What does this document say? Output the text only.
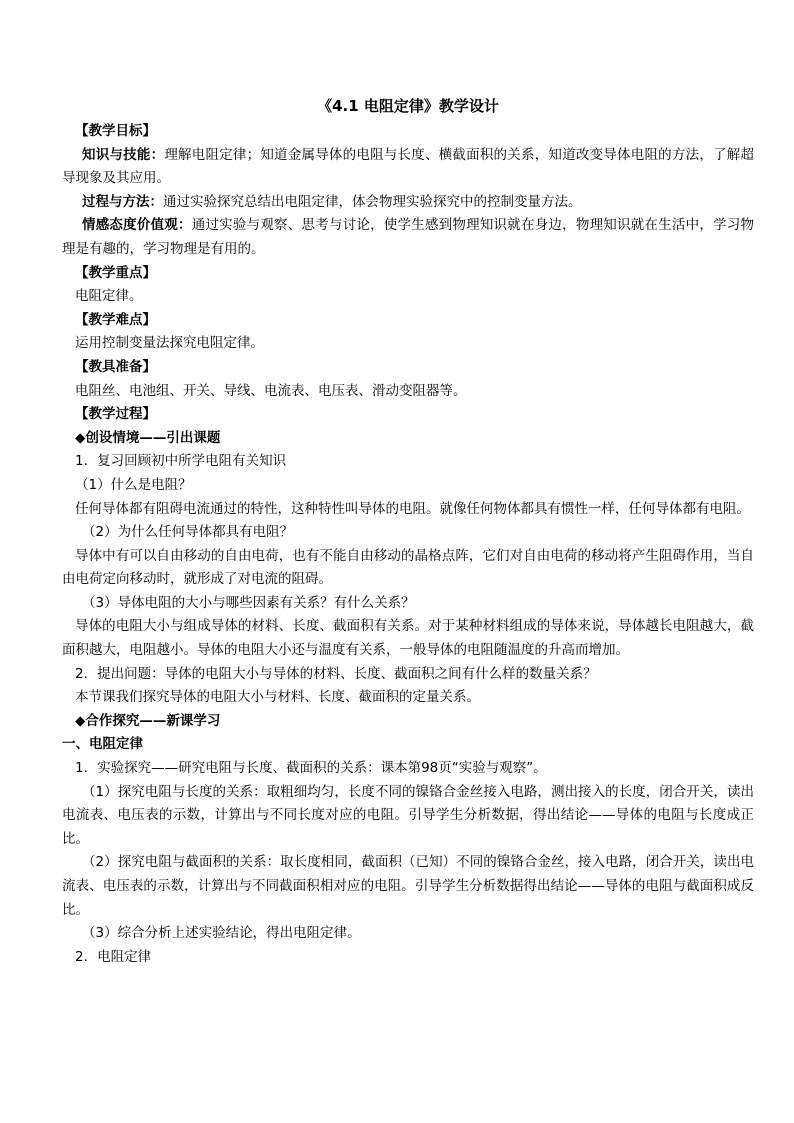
《4.1 电阻定律》教学设计

【教学目标】

知识与技能：理解电阻定律；知道金属导体的电阻与长度、横截面积的关系，知道改变导体电阻的方法，了解超导现象及其应用。

过程与方法：通过实验探究总结出电阻定律，体会物理实验探究中的控制变量方法。

情感态度价值观：通过实验与观察、思考与讨论，使学生感到物理知识就在身边，物理知识就在生活中，学习物理是有趣的，学习物理是有用的。

【教学重点】

电阻定律。

【教学难点】

运用控制变量法探究电阻定律。

【教具准备】

电阻丝、电池组、开关、导线、电流表、电压表、滑动变阻器等。

【教学过程】

◆创设情境——引出课题

1．复习回顾初中所学电阻有关知识

（1）什么是电阻？

任何导体都有阻碍电流通过的特性，这种特性叫导体的电阻。就像任何物体都具有惯性一样，任何导体都有电阻。

（2）为什么任何导体都具有电阻？

导体中有可以自由移动的自由电荷，也有不能自由移动的晶格点阵，它们对自由电荷的移动将产生阻碍作用，当自由电荷定向移动时，就形成了对电流的阻碍。

（3）导体电阻的大小与哪些因素有关系？有什么关系？

导体的电阻大小与组成导体的材料、长度、截面积有关系。对于某种材料组成的导体来说，导体越长电阻越大，截面积越大，电阻越小。导体的电阻大小还与温度有关系，一般导体的电阻随温度的升高而增加。

2．提出问题：导体的电阻大小与导体的材料、长度、截面积之间有什么样的数量关系？

本节课我们探究导体的电阻大小与材料、长度、截面积的定量关系。

◆合作探究——新课学习

一、电阻定律

1．实验探究——研究电阻与长度、截面积的关系：课本第98页“实验与观察”。

（1）探究电阻与长度的关系：取粗细均匀，长度不同的镍铬合金丝接入电路，测出接入的长度，闭合开关，读出电流表、电压表的示数，计算出与不同长度对应的电阻。引导学生分析数据，得出结论——导体的电阻与长度成正比。

（2）探究电阻与截面积的关系：取长度相同，截面积（已知）不同的镍铬合金丝，接入电路，闭合开关，读出电流表、电压表的示数，计算出与不同截面积相对应的电阻。引导学生分析数据得出结论——导体的电阻与截面积成反比。

（3）综合分析上述实验结论，得出电阻定律。

2．电阻定律
